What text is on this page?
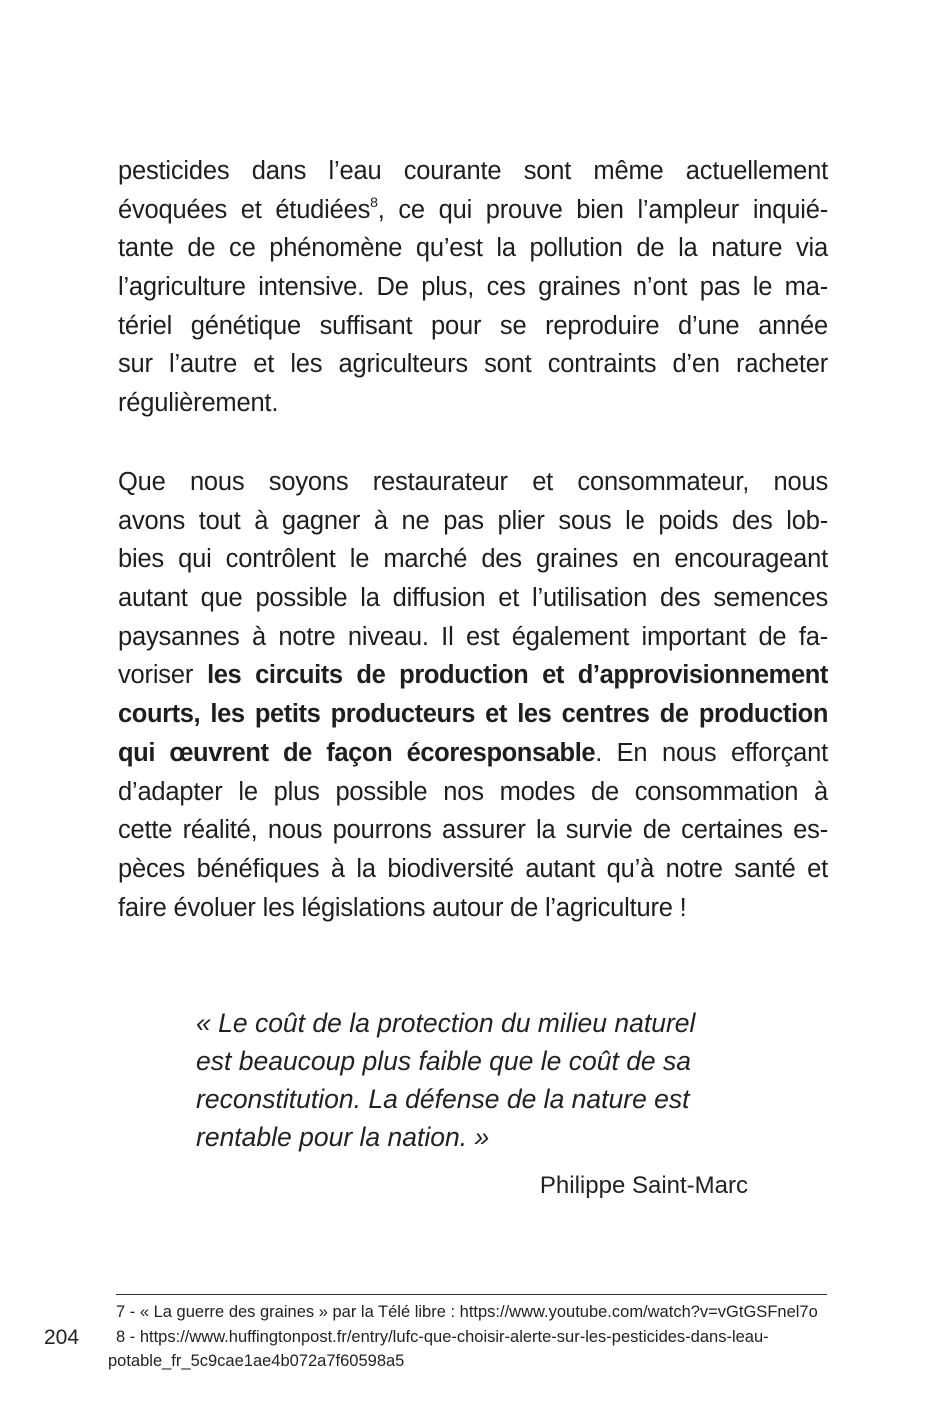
pesticides dans l’eau courante sont même actuellement
évoquées et étudiées$^8$, ce qui prouve bien l’ampleur inquié-
tante de ce phénomène qu’est la pollution de la nature via
l’agriculture intensive. De plus, ces graines n’ont pas le ma-
tériel génétique suffisant pour se reproduire d’une année
sur l’autre et les agriculteurs sont contraints d’en racheter
régulièrement.

Que nous soyons restaurateur et consommateur, nous
avons tout à gagner à ne pas plier sous le poids des lob-
bies qui contrôlent le marché des graines en encourageant
autant que possible la diffusion et l’utilisation des semences
paysannes à notre niveau. Il est également important de fa-
voriser les circuits de production et d’approvisionnement
courts, les petits producteurs et les centres de production
qui œuvrent de façon écoresponsable. En nous efforçant
d’adapter le plus possible nos modes de consommation à
cette réalité, nous pourrons assurer la survie de certaines es-
pèces bénéfiques à la biodiversité autant qu’à notre santé et
faire évoluer les législations autour de l’agriculture !

« Le coût de la protection du milieu naturel
est beaucoup plus faible que le coût de sa
reconstitution. La défense de la nature est
rentable pour la nation. »

Philippe Saint-Marc

7 - « La guerre des graines » par la Télé libre : https://www.youtube.com/watch?v=vGtGSFnel7o
8 - https://www.huffingtonpost.fr/entry/lufc-que-choisir-alerte-sur-les-pesticides-dans-leau-
potable_fr_5c9cae1ae4b072a7f60598a5
204
